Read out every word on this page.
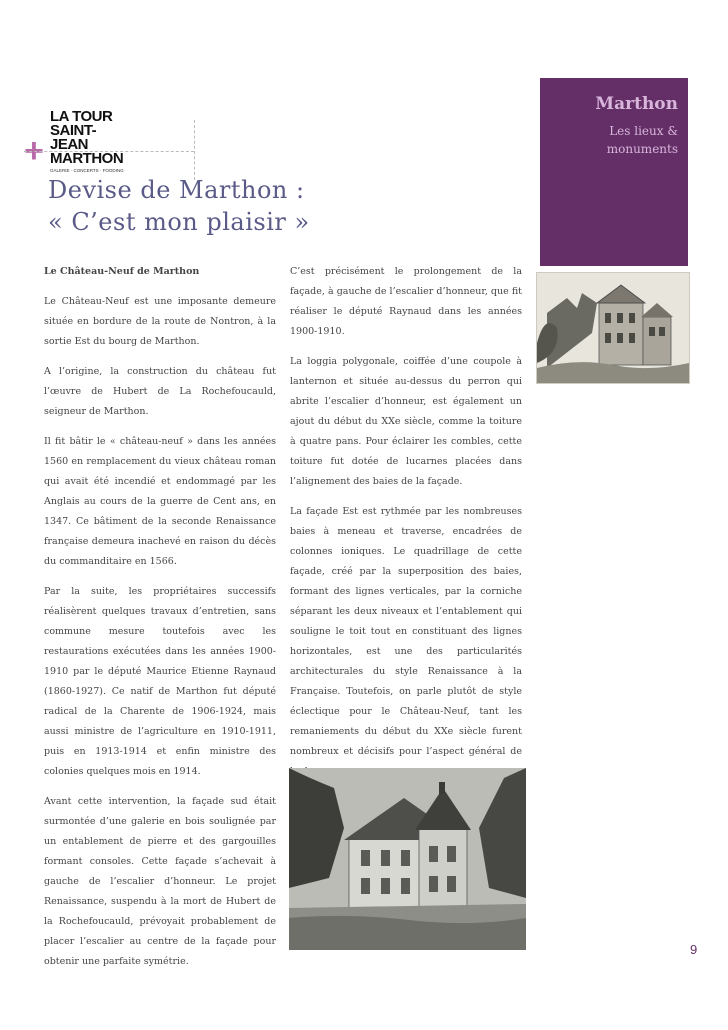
LA TOUR
SAINT-JEAN
MARTHON
GALERIE · CONCERTS · FOODING
+
Devise de Marthon :
« C’est mon plaisir »
Marthon
Les lieux &
monuments

Le Château-Neuf de Marthon

Le Château-Neuf est une imposante demeure située en bordure de la route de Nontron, à la sortie Est du bourg de Marthon.

A l’origine, la construction du château fut l’œuvre de Hubert de La Rochefoucauld, seigneur de Marthon.

Il fit bâtir le « château-neuf » dans les années 1560 en remplacement du vieux château roman qui avait été incendié et endommagé par les Anglais au cours de la guerre de Cent ans, en 1347. Ce bâtiment de la seconde Renaissance française demeura inachevé en raison du décès du commanditaire en 1566.

Par la suite, les propriétaires successifs réalisèrent quelques travaux d’entretien, sans commune mesure toutefois avec les restaurations exécutées dans les années 1900-1910 par le député Maurice Etienne Raynaud (1860-1927). Ce natif de Marthon fut député radical de la Charente de 1906-1924, mais aussi ministre de l’agriculture en 1910-1911, puis en 1913-1914 et enfin ministre des colonies quelques mois en 1914.

Avant cette intervention, la façade sud était surmontée d’une galerie en bois soulignée par un entablement de pierre et des gargouilles formant consoles. Cette façade s’achevait à gauche de l’escalier d’honneur. Le projet Renaissance, suspendu à la mort de Hubert de la Rochefoucauld, prévoyait probablement de placer l’escalier au centre de la façade pour obtenir une parfaite symétrie.

C’est précisément le prolongement de la façade, à gauche de l’escalier d’honneur, que fit réaliser le député Raynaud dans les années 1900-1910.

La loggia polygonale, coiffée d’une coupole à lanternon et située au-dessus du perron qui abrite l’escalier d’honneur, est également un ajout du début du XXe siècle, comme la toiture à quatre pans. Pour éclairer les combles, cette toiture fut dotée de lucarnes placées dans l’alignement des baies de la façade.

La façade Est est rythmée par les nombreuses baies à meneau et traverse, encadrées de colonnes ioniques. Le quadrillage de cette façade, créé par la superposition des baies, formant des lignes verticales, par la corniche séparant les deux niveaux et l’entablement qui souligne le toit tout en constituant des lignes horizontales, est une des particularités architecturales du style Renaissance à la Française. Toutefois, on parle plutôt de style éclectique pour le Château-Neuf, tant les remaniements du début du XXe siècle furent nombreux et décisifs pour l’aspect général de

9
